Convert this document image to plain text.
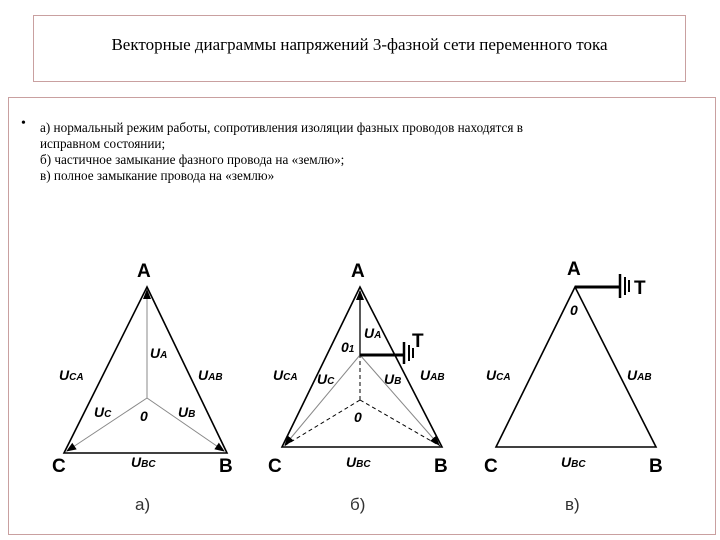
Векторные диаграммы напряжений 3-фазной сети переменного тока
• а) нормальный режим работы, сопротивления изоляции фазных проводов находятся в
исправном состоянии;
б) частичное замыкание фазного провода на «землю»;
в) полное замыкание провода на «землю»
A
C	B
0
UCA	UAB
UBC
UA
UC	UB
а)
T
A
C	B
0
01
UCA	UAB
UBC
UA
UC	UB
б)
T
A
C	B
0
UCA	UAB
UBC
в)
